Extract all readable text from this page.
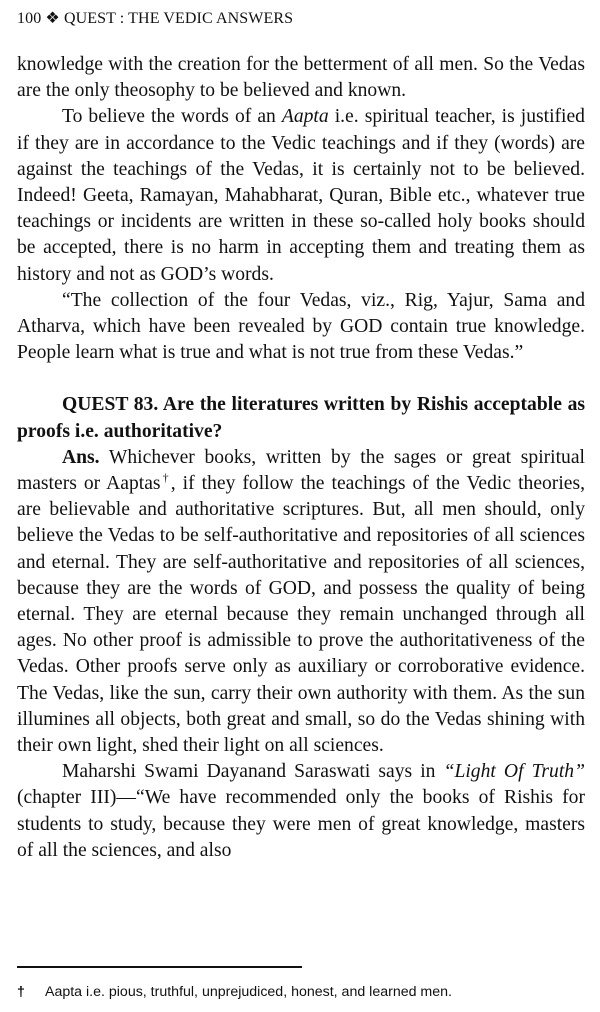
100 ❖ QUEST : THE VEDIC ANSWERS

knowledge with the creation for the betterment of all men. So the Vedas are the only theosophy to be believed and known.

To believe the words of an Aapta i.e. spiritual teacher, is justified if they are in accordance to the Vedic teachings and if they (words) are against the teachings of the Vedas, it is certainly not to be believed. Indeed! Geeta, Ramayan, Mahabharat, Quran, Bible etc., whatever true teachings or incidents are written in these so-called holy books should be accepted, there is no harm in accepting them and treating them as history and not as GOD’s words.

“The collection of the four Vedas, viz., Rig, Yajur, Sama and Atharva, which have been revealed by GOD contain true knowledge. People learn what is true and what is not true from these Vedas.”

QUEST 83. Are the literatures written by Rishis acceptable as proofs i.e. authoritative?

Ans. Whichever books, written by the sages or great spiritual masters or Aaptas†, if they follow the teachings of the Vedic theories, are believable and authoritative scriptures. But, all men should, only believe the Vedas to be self-authoritative and repositories of all sciences and eternal. They are self-authoritative and repositories of all sciences, because they are the words of GOD, and possess the quality of being eternal. They are eternal because they remain unchanged through all ages. No other proof is admissible to prove the authoritativeness of the Vedas. Other proofs serve only as auxiliary or corroborative evidence. The Vedas, like the sun, carry their own authority with them. As the sun illumines all objects, both great and small, so do the Vedas shining with their own light, shed their light on all sciences.

Maharshi Swami Dayanand Saraswati says in “Light Of Truth” (chapter III)—“We have recommended only the books of Rishis for students to study, because they were men of great knowledge, masters of all the sciences, and also

† Aapta i.e. pious, truthful, unprejudiced, honest, and learned men.
